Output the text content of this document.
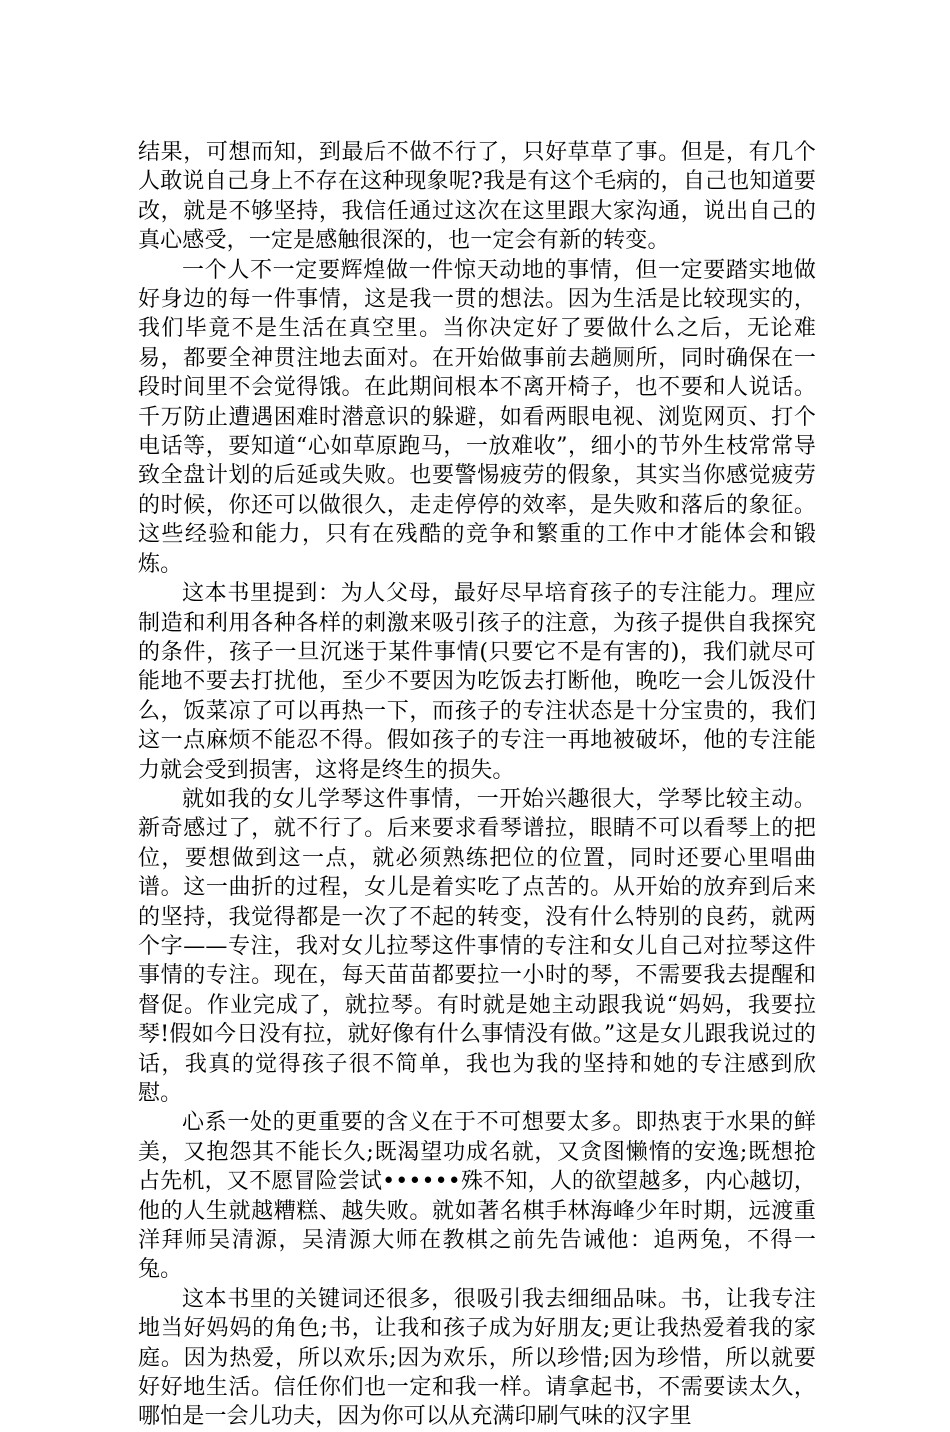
结果，可想而知，到最后不做不行了，只好草草了事。但是，有几个人敢说自己身上不存在这种现象呢?我是有这个毛病的，自己也知道要改，就是不够坚持，我信任通过这次在这里跟大家沟通，说出自己的真心感受，一定是感触很深的，也一定会有新的转变。

一个人不一定要辉煌做一件惊天动地的事情，但一定要踏实地做好身边的每一件事情，这是我一贯的想法。因为生活是比较现实的，我们毕竟不是生活在真空里。当你决定好了要做什么之后，无论难易，都要全神贯注地去面对。在开始做事前去趟厕所，同时确保在一段时间里不会觉得饿。在此期间根本不离开椅子，也不要和人说话。千万防止遭遇困难时潜意识的躲避，如看两眼电视、浏览网页、打个电话等，要知道“心如草原跑马，一放难收”，细小的节外生枝常常导致全盘计划的后延或失败。也要警惕疲劳的假象，其实当你感觉疲劳的时候，你还可以做很久，走走停停的效率，是失败和落后的象征。这些经验和能力，只有在残酷的竞争和繁重的工作中才能体会和锻炼。

这本书里提到：为人父母，最好尽早培育孩子的专注能力。理应制造和利用各种各样的刺激来吸引孩子的注意，为孩子提供自我探究的条件，孩子一旦沉迷于某件事情(只要它不是有害的)，我们就尽可能地不要去打扰他，至少不要因为吃饭去打断他，晚吃一会儿饭没什么，饭菜凉了可以再热一下，而孩子的专注状态是十分宝贵的，我们这一点麻烦不能忍不得。假如孩子的专注一再地被破坏，他的专注能力就会受到损害，这将是终生的损失。

就如我的女儿学琴这件事情，一开始兴趣很大，学琴比较主动。新奇感过了，就不行了。后来要求看琴谱拉，眼睛不可以看琴上的把位，要想做到这一点，就必须熟练把位的位置，同时还要心里唱曲谱。这一曲折的过程，女儿是着实吃了点苦的。从开始的放弃到后来的坚持，我觉得都是一次了不起的转变，没有什么特别的良药，就两个字——专注，我对女儿拉琴这件事情的专注和女儿自己对拉琴这件事情的专注。现在，每天苗苗都要拉一小时的琴，不需要我去提醒和督促。作业完成了，就拉琴。有时就是她主动跟我说“妈妈，我要拉琴!假如今日没有拉，就好像有什么事情没有做。”这是女儿跟我说过的话，我真的觉得孩子很不简单，我也为我的坚持和她的专注感到欣慰。

心系一处的更重要的含义在于不可想要太多。即热衷于水果的鲜美，又抱怨其不能长久;既渴望功成名就，又贪图懒惰的安逸;既想抢占先机，又不愿冒险尝试••••••殊不知，人的欲望越多，内心越切，他的人生就越糟糕、越失败。就如著名棋手林海峰少年时期，远渡重洋拜师吴清源，吴清源大师在教棋之前先告诫他：追两兔，不得一兔。

这本书里的关键词还很多，很吸引我去细细品味。书，让我专注地当好妈妈的角色;书，让我和孩子成为好朋友;更让我热爱着我的家庭。因为热爱，所以欢乐;因为欢乐，所以珍惜;因为珍惜，所以就要好好地生活。信任你们也一定和我一样。请拿起书，不需要读太久，哪怕是一会儿功夫，因为你可以从充满印刷气味的汉字里
